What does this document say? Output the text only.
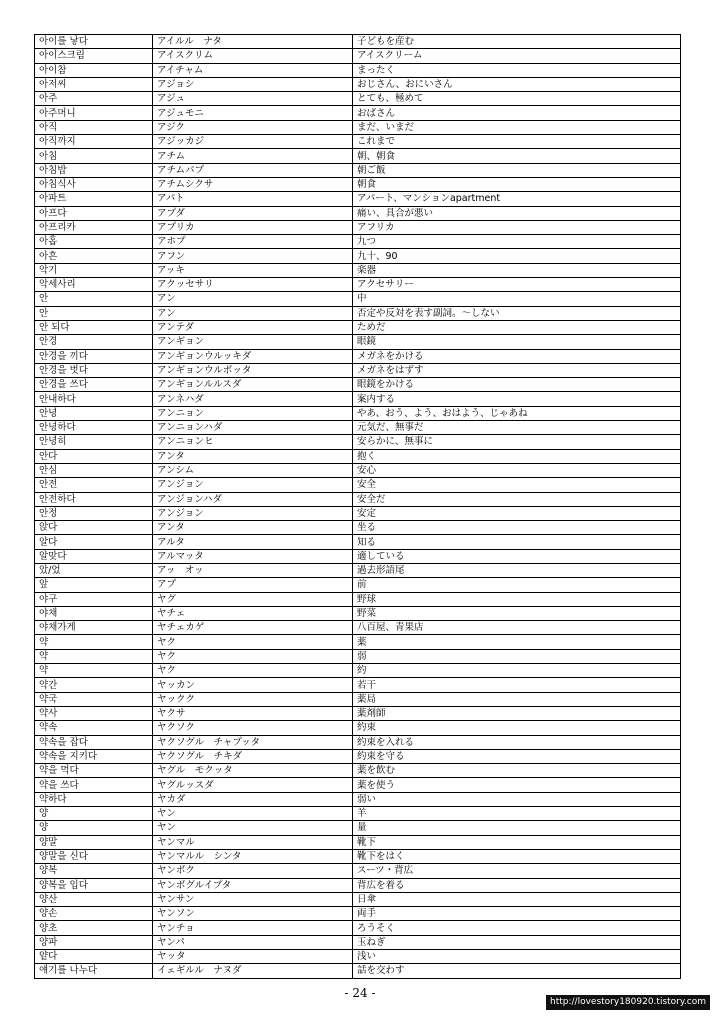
아이를 낳다	アイルル　ナタ	子どもを産む
아이스크림	アイスクリム	アイスクリーム
아이참	アイチャム	まったく
아저씨	アジョシ	おじさん、おにいさん
아주	アジュ	とても、極めて
아주머니	アジュモニ	おばさん
아직	アジク	まだ、いまだ
아직까지	アジッカジ	これまで
아침	アチム	朝、朝食
아침밥	アチムパプ	朝ご飯
아침식사	アチムシクサ	朝食
아파트	アパト	アパート、マンションapartment
아프다	アプダ	痛い、具合が悪い
아프리카	アプリカ	アフリカ
아홉	アホプ	九つ
아흔	アフン	九十、90
악기	アッキ	楽器
악세사리	アクッセサリ	アクセサリー
안	アン	中
안	アン	否定や反対を表す副詞。～しない
안 되다	アンテダ	ためだ
안경	アンギョン	眼鏡
안경을 끼다	アンギョンウルッキダ	メガネをかける
안경을 벗다	アンギョンウルポッタ	メガネをはずす
안경을 쓰다	アンギョンルルスダ	眼鏡をかける
안내하다	アンネハダ	案内する
안녕	アンニョン	やあ、おう、よう、おはよう、じゃあね
안녕하다	アンニョンハダ	元気だ、無事だ
안녕히	アンニョンヒ	安らかに、無事に
안다	アンタ	抱く
안심	アンシム	安心
안전	アンジョン	安全
안전하다	アンジョンハダ	安全だ
안정	アンジョン	安定
앉다	アンタ	坐る
알다	アルタ	知る
알맞다	アルマッタ	適している
았/었	アッ　オッ	過去形語尾
앞	アプ	前
야구	ヤグ	野球
야채	ヤチェ	野菜
야채가게	ヤチェカゲ	八百屋、青果店
약	ヤク	薬
약	ヤク	弱
약	ヤク	約
약간	ヤッカン	若干
약국	ヤックク	薬局
약사	ヤクサ	薬剤師
약속	ヤクソク	約束
약속을 잡다	ヤクソグル　チャプッタ	約束を入れる
약속을 지키다	ヤクソグル　チキダ	約束を守る
약을 먹다	ヤグル　モクッタ	薬を飲む
약을 쓰다	ヤグルッスダ	薬を使う
약하다	ヤカダ	弱い
양	ヤン	羊
양	ヤン	量
양말	ヤンマル	靴下
양말을 신다	ヤンマルル　シンタ	靴下をはく
양복	ヤンボク	スーツ・背広
양복을 입다	ヤンボグルイプタ	背広を着る
양산	ヤンサン	日傘
양손	ヤンソン	両手
양초	ヤンチョ	ろうそく
양파	ヤンパ	玉ねぎ
얕다	ヤッタ	浅い
얘기를 나누다	イェギルル　ナヌダ	話を交わす
- 24 -
http://lovestory180920.tistory.com
